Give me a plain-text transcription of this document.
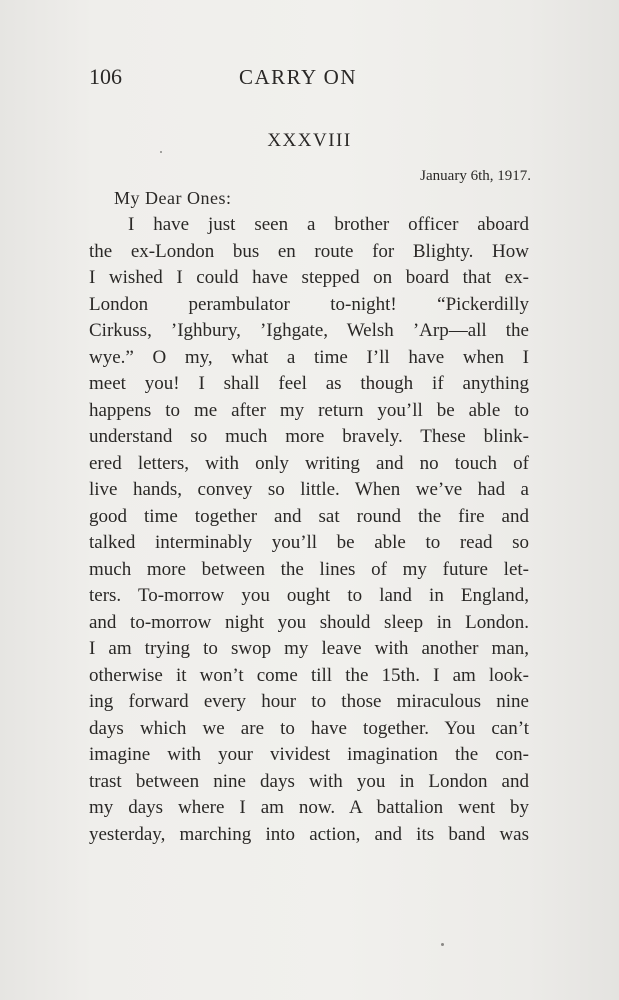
106	CARRY ON
XXXVIII
January 6th, 1917.
My Dear Ones:
I have just seen a brother officer aboard
the ex-London bus en route for Blighty. How
I wished I could have stepped on board that ex-
London perambulator to-night! “Pickerdilly
Cirkuss, ’Ighbury, ’Ighgate, Welsh ’Arp—all the
wye.” O my, what a time I’ll have when I
meet you! I shall feel as though if anything
happens to me after my return you’ll be able to
understand so much more bravely. These blink-
ered letters, with only writing and no touch of
live hands, convey so little. When we’ve had a
good time together and sat round the fire and
talked interminably you’ll be able to read so
much more between the lines of my future let-
ters. To-morrow you ought to land in England,
and to-morrow night you should sleep in London.
I am trying to swop my leave with another man,
otherwise it won’t come till the 15th. I am look-
ing forward every hour to those miraculous nine
days which we are to have together. You can’t
imagine with your vividest imagination the con-
trast between nine days with you in London and
my days where I am now. A battalion went by
yesterday, marching into action, and its band was
